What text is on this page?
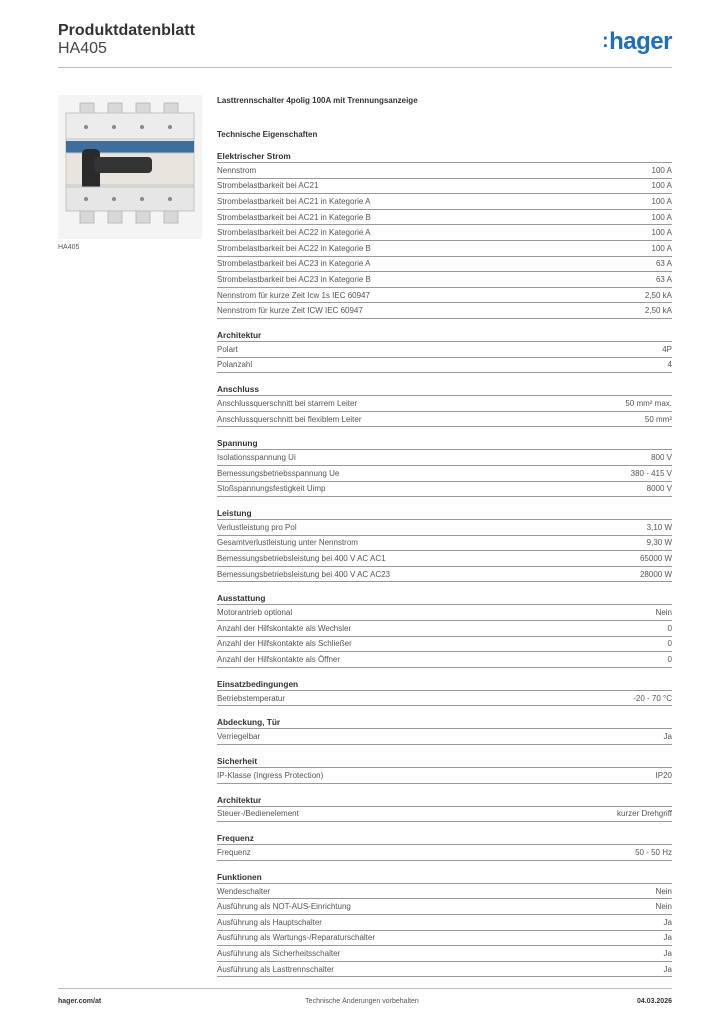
Produktdatenblatt
HA405	:hager
HA405
Lasttrennschalter 4polig 100A mit Trennungsanzeige
Technische Eigenschaften
Elektrischer Strom
Nennstrom	100 A
Strombelastbarkeit bei AC21	100 A
Strombelastbarkeit bei AC21 in Kategorie A	100 A
Strombelastbarkeit bei AC21 in Kategorie B	100 A
Strombelastbarkeit bei AC22 in Kategorie A	100 A
Strombelastbarkeit bei AC22 in Kategorie B	100 A
Strombelastbarkeit bei AC23 in Kategorie A	63 A
Strombelastbarkeit bei AC23 in Kategorie B	63 A
Nennstrom für kurze Zeit Icw 1s IEC 60947	2,50 kA
Nennstrom für kurze Zeit ICW IEC 60947	2,50 kA
Architektur
Polart	4P
Polanzahl	4
Anschluss
Anschlussquerschnitt bei starrem Leiter	50 mm² max.
Anschlussquerschnitt bei flexiblem Leiter	50 mm²
Spannung
Isolationsspannung Ui	800 V
Bemessungsbetriebsspannung Ue	380 - 415 V
Stoßspannungsfestigkeit Uimp	8000 V
Leistung
Verlustleistung pro Pol	3,10 W
Gesamtverlustleistung unter Nennstrom	9,30 W
Bemessungsbetriebsleistung bei 400 V AC AC1	65000 W
Bemessungsbetriebsleistung bei 400 V AC AC23	28000 W
Ausstattung
Motorantrieb optional	Nein
Anzahl der Hilfskontakte als Wechsler	0
Anzahl der Hilfskontakte als Schließer	0
Anzahl der Hilfskontakte als Öffner	0
Einsatzbedingungen
Betriebstemperatur	-20 - 70 °C
Abdeckung, Tür
Verriegelbar	Ja
Sicherheit
IP-Klasse (Ingress Protection)	IP20
Architektur
Steuer-/Bedienelement	kurzer Drehgriff
Frequenz
Frequenz	50 - 50 Hz
Funktionen
Wendeschalter	Nein
Ausführung als NOT-AUS-Einrichtung	Nein
Ausführung als Hauptschalter	Ja
Ausführung als Wartungs-/Reparaturschalter	Ja
Ausführung als Sicherheitsschalter	Ja
Ausführung als Lasttrennschalter	Ja
hager.com/at	Technische Änderungen vorbehalten	04.03.2026
